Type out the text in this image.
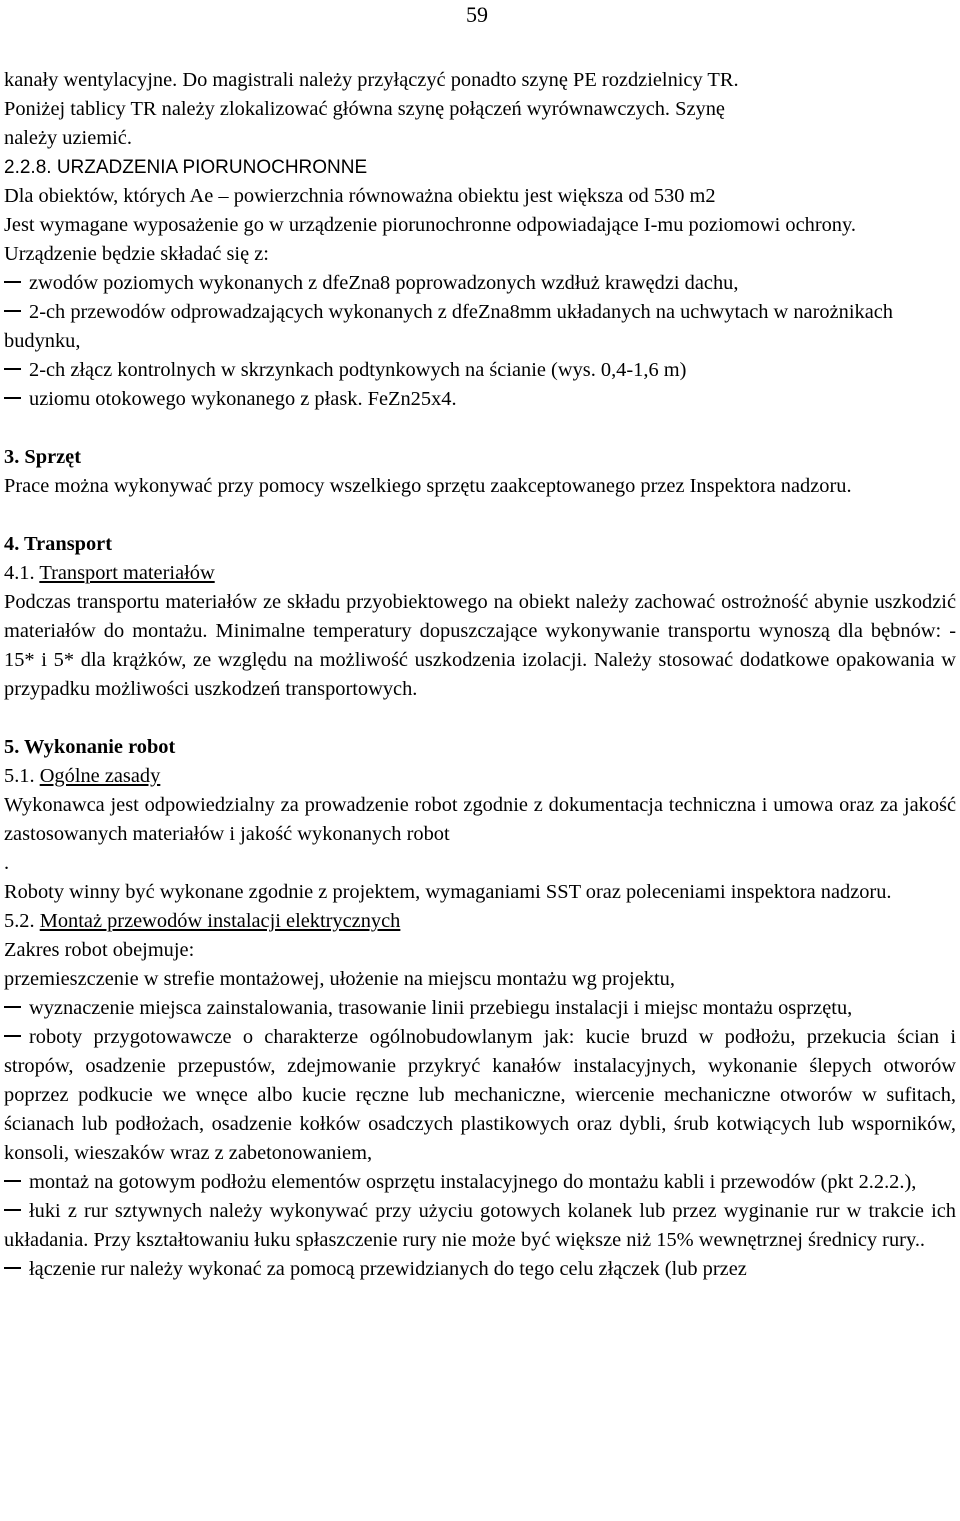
59

kanały wentylacyjne. Do magistrali należy przyłączyć ponadto szynę PE rozdzielnicy TR.

Poniżej tablicy TR należy zlokalizować główna szynę połączeń wyrównawczych. Szynę

należy uziemić.

2.2.8. URZADZENIA PIORUNOCHRONNE

Dla obiektów, których Ae – powierzchnia równoważna obiektu jest większa od 530 m2

Jest wymagane wyposażenie go w urządzenie piorunochronne odpowiadające I-mu poziomowi ochrony.

Urządzenie będzie składać się z:

zwodów poziomych wykonanych z dfeZna8 poprowadzonych wzdłuż krawędzi dachu,

2-ch przewodów odprowadzających wykonanych z dfeZna8mm układanych na uchwytach w narożnikach budynku,

2-ch złącz kontrolnych w skrzynkach podtynkowych na ścianie (wys. 0,4-1,6 m)

uziomu otokowego wykonanego z płask. FeZn25x4.

3. Sprzęt

Prace można wykonywać przy pomocy wszelkiego sprzętu zaakceptowanego przez Inspektora nadzoru.

4. Transport

4.1. Transport materiałów

Podczas transportu materiałów ze składu przyobiektowego na obiekt należy zachować ostrożność abynie uszkodzić materiałów do montażu. Minimalne temperatury dopuszczające wykonywanie transportu wynoszą dla bębnów: - 15* i 5* dla krążków, ze względu na możliwość uszkodzenia izolacji. Należy stosować dodatkowe opakowania w przypadku możliwości uszkodzeń transportowych.

5. Wykonanie robot

5.1. Ogólne zasady

Wykonawca jest odpowiedzialny za prowadzenie robot zgodnie z dokumentacja techniczna i umowa oraz za jakość zastosowanych materiałów i jakość wykonanych robot

.

Roboty winny być wykonane zgodnie z projektem, wymaganiami SST oraz poleceniami inspektora nadzoru.

5.2. Montaż przewodów instalacji elektrycznych

Zakres robot obejmuje:

przemieszczenie w strefie montażowej, ułożenie na miejscu montażu wg projektu,

wyznaczenie miejsca zainstalowania, trasowanie linii przebiegu instalacji i miejsc montażu osprzętu,

roboty przygotowawcze o charakterze ogólnobudowlanym jak: kucie bruzd w podłożu, przekucia ścian i stropów, osadzenie przepustów, zdejmowanie przykryć kanałów instalacyjnych, wykonanie ślepych otworów poprzez podkucie we wnęce albo kucie ręczne lub mechaniczne, wiercenie mechaniczne otworów w sufitach, ścianach lub podłożach, osadzenie kołków osadczych plastikowych oraz dybli, śrub kotwiących lub wsporników, konsoli, wieszaków wraz z zabetonowaniem,

montaż na gotowym podłożu elementów osprzętu instalacyjnego do montażu kabli i przewodów (pkt 2.2.2.),

łuki z rur sztywnych należy wykonywać przy użyciu gotowych kolanek lub przez wyginanie rur w trakcie ich układania. Przy kształtowaniu łuku spłaszczenie rury nie może być większe niż 15% wewnętrznej średnicy rury..

łączenie rur należy wykonać za pomocą przewidzianych do tego celu złączek (lub przez
